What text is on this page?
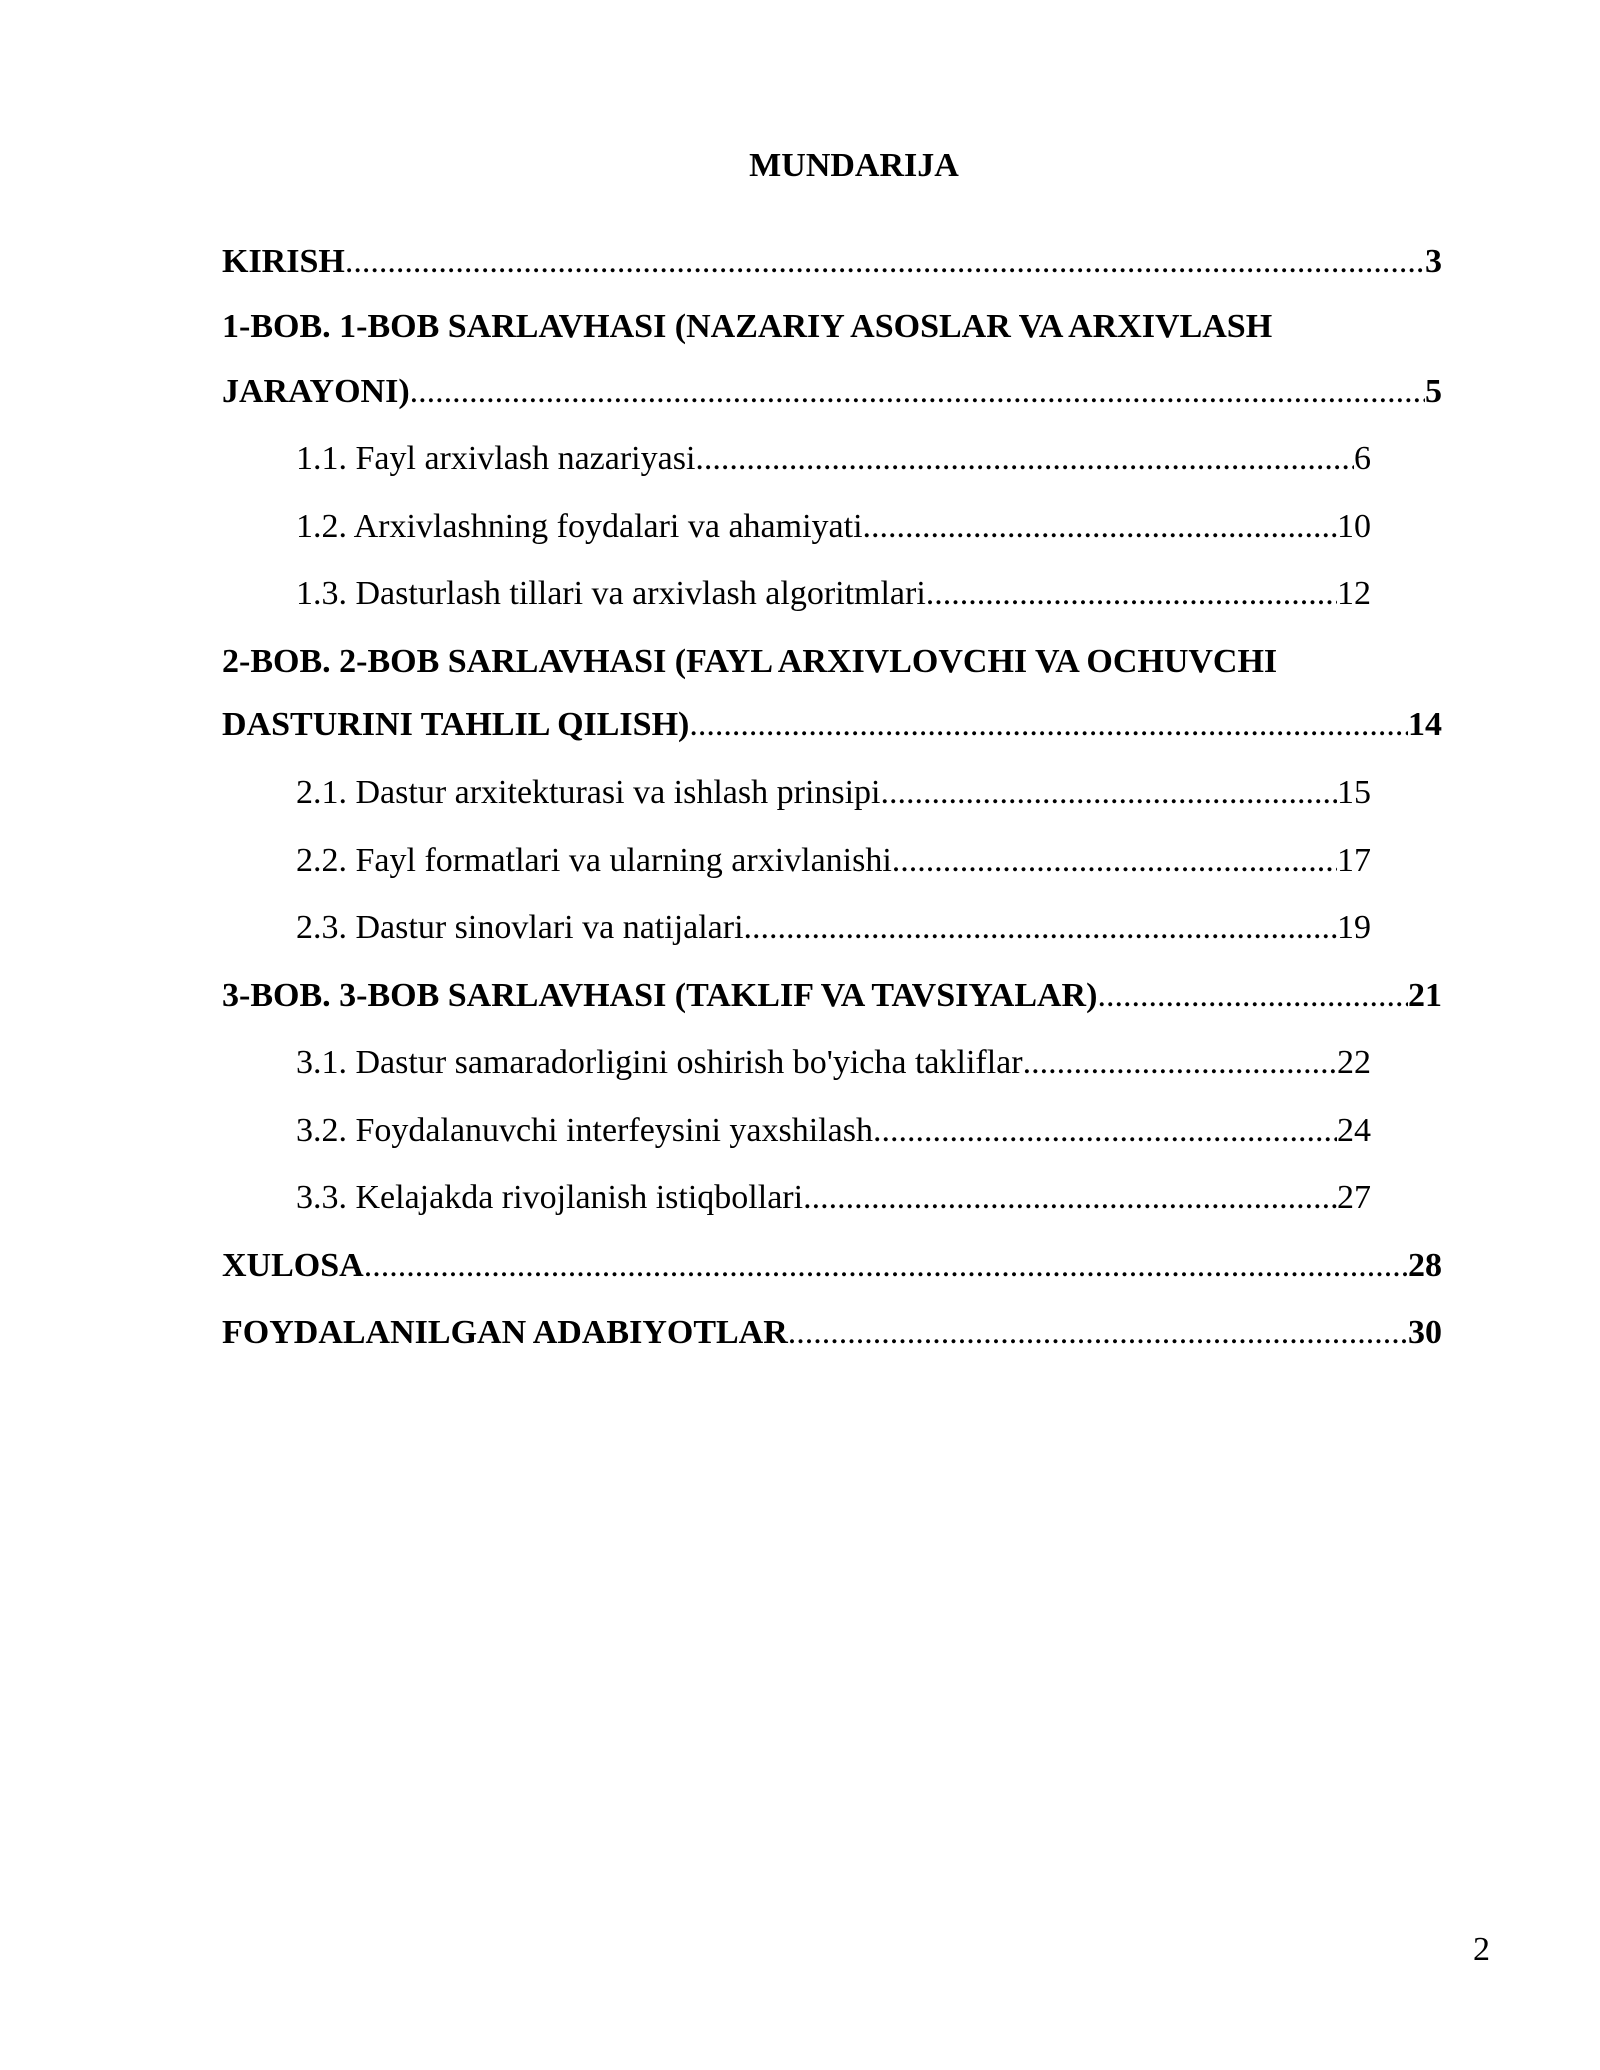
MUNDARIJA
KIRISH .....	3
1-BOB. 1-BOB SARLAVHASI (NAZARIY ASOSLAR VA ARXIVLASH
JARAYONI) .....	5
1.1. Fayl arxivlash nazariyasi .....	6
1.2. Arxivlashning foydalari va ahamiyati .....	10
1.3. Dasturlash tillari va arxivlash algoritmlari .....	12
2-BOB. 2-BOB SARLAVHASI (FAYL ARXIVLOVCHI VA OCHUVCHI
DASTURINI TAHLIL QILISH) .....	14
2.1. Dastur arxitekturasi va ishlash prinsipi .....	15
2.2. Fayl formatlari va ularning arxivlanishi .....	17
2.3. Dastur sinovlari va natijalari .....	19
3-BOB. 3-BOB SARLAVHASI (TAKLIF VA TAVSIYALAR) .....	21
3.1. Dastur samaradorligini oshirish bo'yicha takliflar .....	22
3.2. Foydalanuvchi interfeysini yaxshilash .....	24
3.3. Kelajakda rivojlanish istiqbollari .....	27
XULOSA .....	28
FOYDALANILGAN ADABIYOTLAR .....	30
2
